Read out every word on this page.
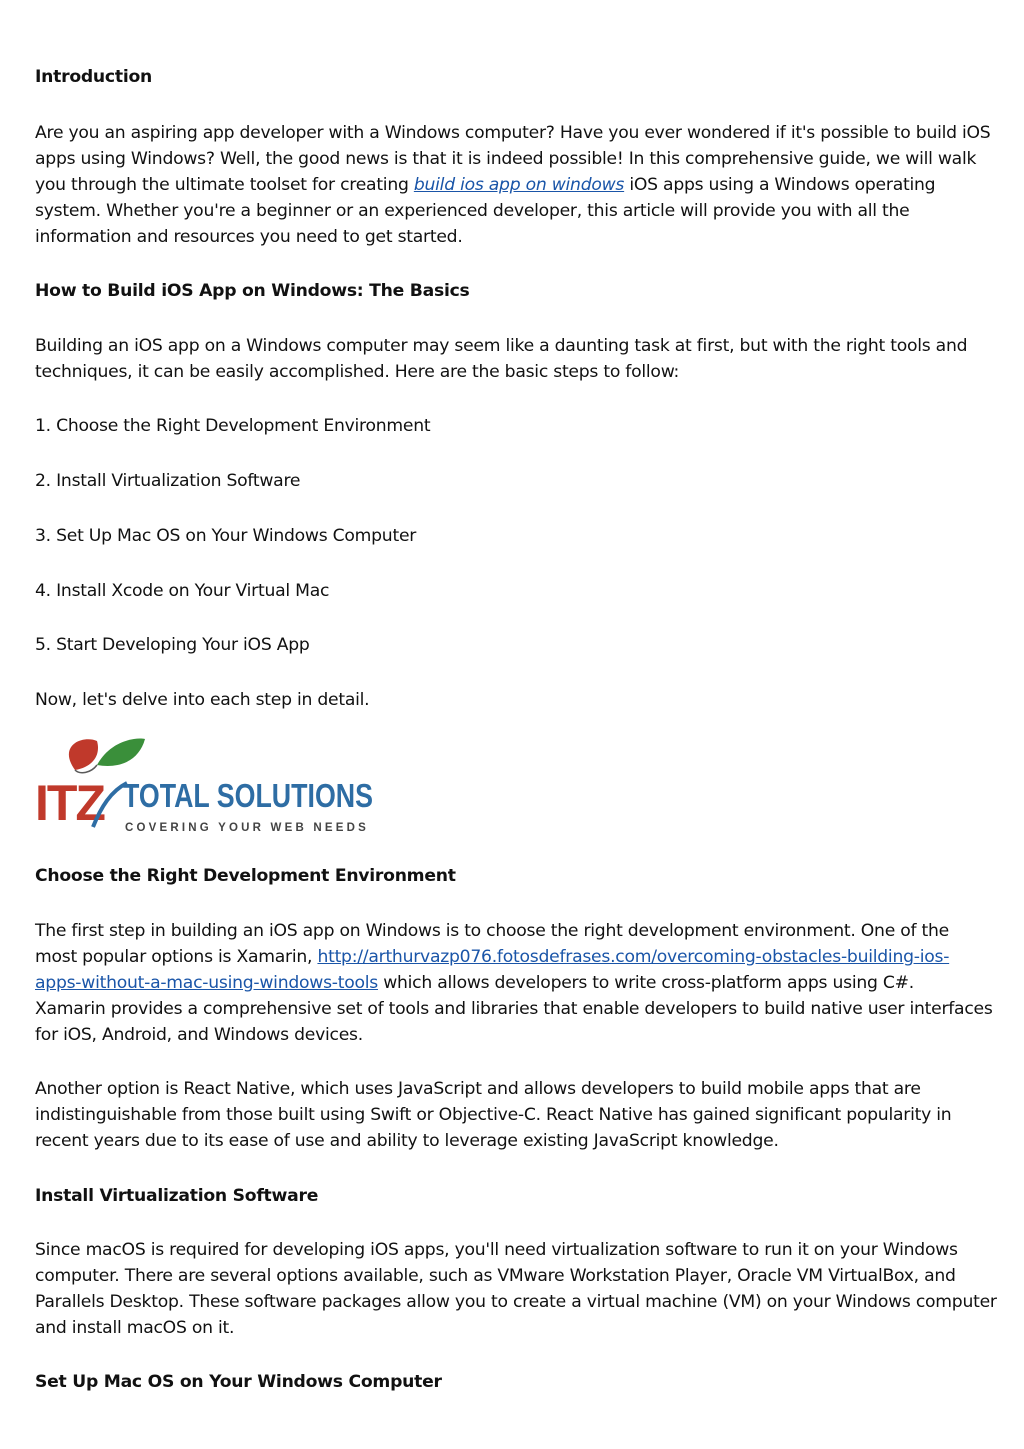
Introduction
Are you an aspiring app developer with a Windows computer? Have you ever wondered if it's possible to build iOS
apps using Windows? Well, the good news is that it is indeed possible! In this comprehensive guide, we will walk
you through the ultimate toolset for creating build ios app on windows iOS apps using a Windows operating
system. Whether you're a beginner or an experienced developer, this article will provide you with all the
information and resources you need to get started.
How to Build iOS App on Windows: The Basics
Building an iOS app on a Windows computer may seem like a daunting task at first, but with the right tools and
techniques, it can be easily accomplished. Here are the basic steps to follow:
1. Choose the Right Development Environment
2. Install Virtualization Software
3. Set Up Mac OS on Your Windows Computer
4. Install Xcode on Your Virtual Mac
5. Start Developing Your iOS App
Now, let's delve into each step in detail.
ITZ TOTAL SOLUTIONS
COVERING YOUR WEB NEEDS
Choose the Right Development Environment
The first step in building an iOS app on Windows is to choose the right development environment. One of the
most popular options is Xamarin, http://arthurvazp076.fotosdefrases.com/overcoming-obstacles-building-ios-
apps-without-a-mac-using-windows-tools which allows developers to write cross-platform apps using C#.
Xamarin provides a comprehensive set of tools and libraries that enable developers to build native user interfaces
for iOS, Android, and Windows devices.
Another option is React Native, which uses JavaScript and allows developers to build mobile apps that are
indistinguishable from those built using Swift or Objective-C. React Native has gained significant popularity in
recent years due to its ease of use and ability to leverage existing JavaScript knowledge.
Install Virtualization Software
Since macOS is required for developing iOS apps, you'll need virtualization software to run it on your Windows
computer. There are several options available, such as VMware Workstation Player, Oracle VM VirtualBox, and
Parallels Desktop. These software packages allow you to create a virtual machine (VM) on your Windows computer
and install macOS on it.
Set Up Mac OS on Your Windows Computer
